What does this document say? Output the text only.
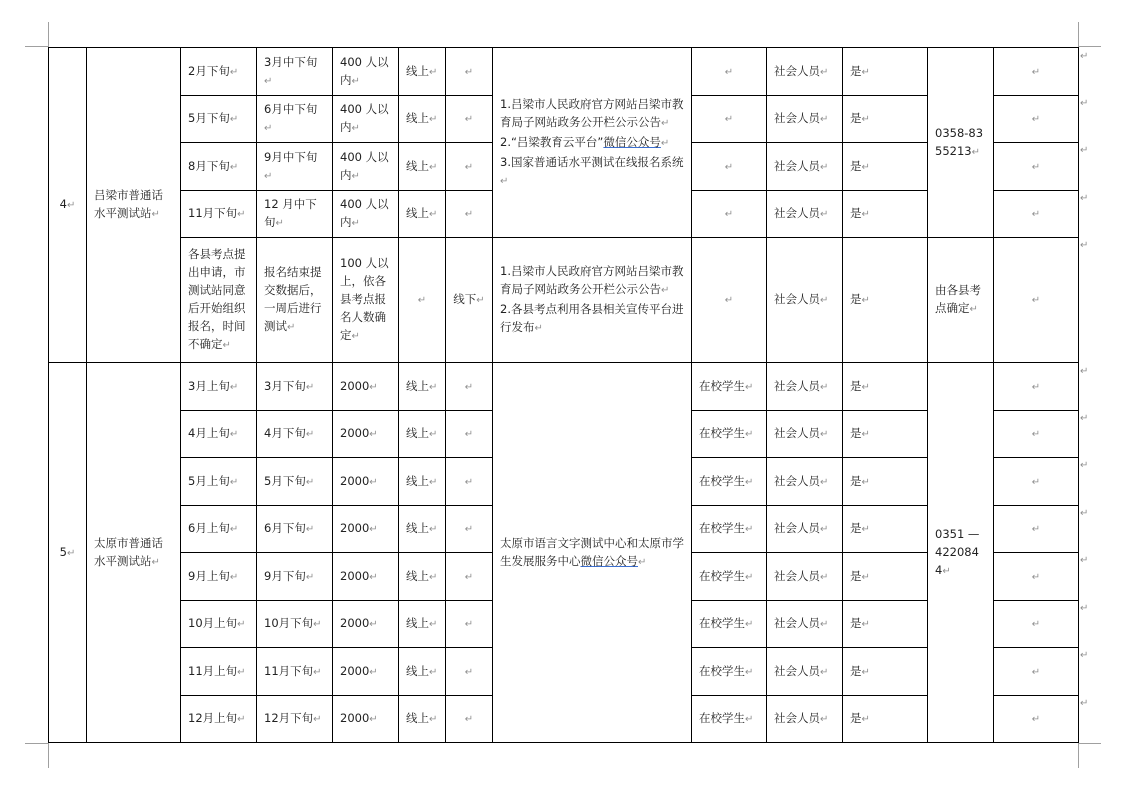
4↵	吕梁市普通话水平测试站↵	2月下旬↵	3月中下旬↵	400 人以内↵	线上↵	↵	1.吕梁市人民政府官方网站吕梁市教育局子网站政务公开栏公示公告↵
2.“吕梁教育云平台”微信公众号↵
3.国家普通话水平测试在线报名系统↵	↵	社会人员↵	是↵	0358-8355213↵	↵
		5月下旬↵	6月中下旬↵	400 人以内↵	线上↵	↵		↵	社会人员↵	是↵		↵
		8月下旬↵	9月中下旬↵	400 人以内↵	线上↵	↵		↵	社会人员↵	是↵		↵
		11月下旬↵	12 月中下旬↵	400 人以内↵	线上↵	↵		↵	社会人员↵	是↵		↵
		各县考点提出申请，市测试站同意后开始组织报名，时间不确定↵	报名结束提交数据后，一周后进行测试↵	100 人以上，依各县考点报名人数确定↵	↵	线下↵	1.吕梁市人民政府官方网站吕梁市教育局子网站政务公开栏公示公告↵
2.各县考点利用各县相关宣传平台进行发布↵	↵	社会人员↵	是↵	由各县考点确定↵	↵
5↵	太原市普通话水平测试站↵	3月上旬↵	3月下旬↵	2000↵	线上↵	↵	太原市语言文字测试中心和太原市学生发展服务中心微信公众号↵	在校学生↵	社会人员↵	是↵	0351 —4220844↵	↵
		4月上旬↵	4月下旬↵	2000↵	线上↵	↵		在校学生↵	社会人员↵	是↵		↵
		5月上旬↵	5月下旬↵	2000↵	线上↵	↵		在校学生↵	社会人员↵	是↵		↵
		6月上旬↵	6月下旬↵	2000↵	线上↵	↵		在校学生↵	社会人员↵	是↵		↵
		9月上旬↵	9月下旬↵	2000↵	线上↵	↵		在校学生↵	社会人员↵	是↵		↵
		10月上旬↵	10月下旬↵	2000↵	线上↵	↵		在校学生↵	社会人员↵	是↵		↵
		11月上旬↵	11月下旬↵	2000↵	线上↵	↵		在校学生↵	社会人员↵	是↵		↵
		12月上旬↵	12月下旬↵	2000↵	线上↵	↵		在校学生↵	社会人员↵	是↵		↵
↵
↵
↵
↵
↵
↵
↵
↵
↵
↵
↵
↵
↵
